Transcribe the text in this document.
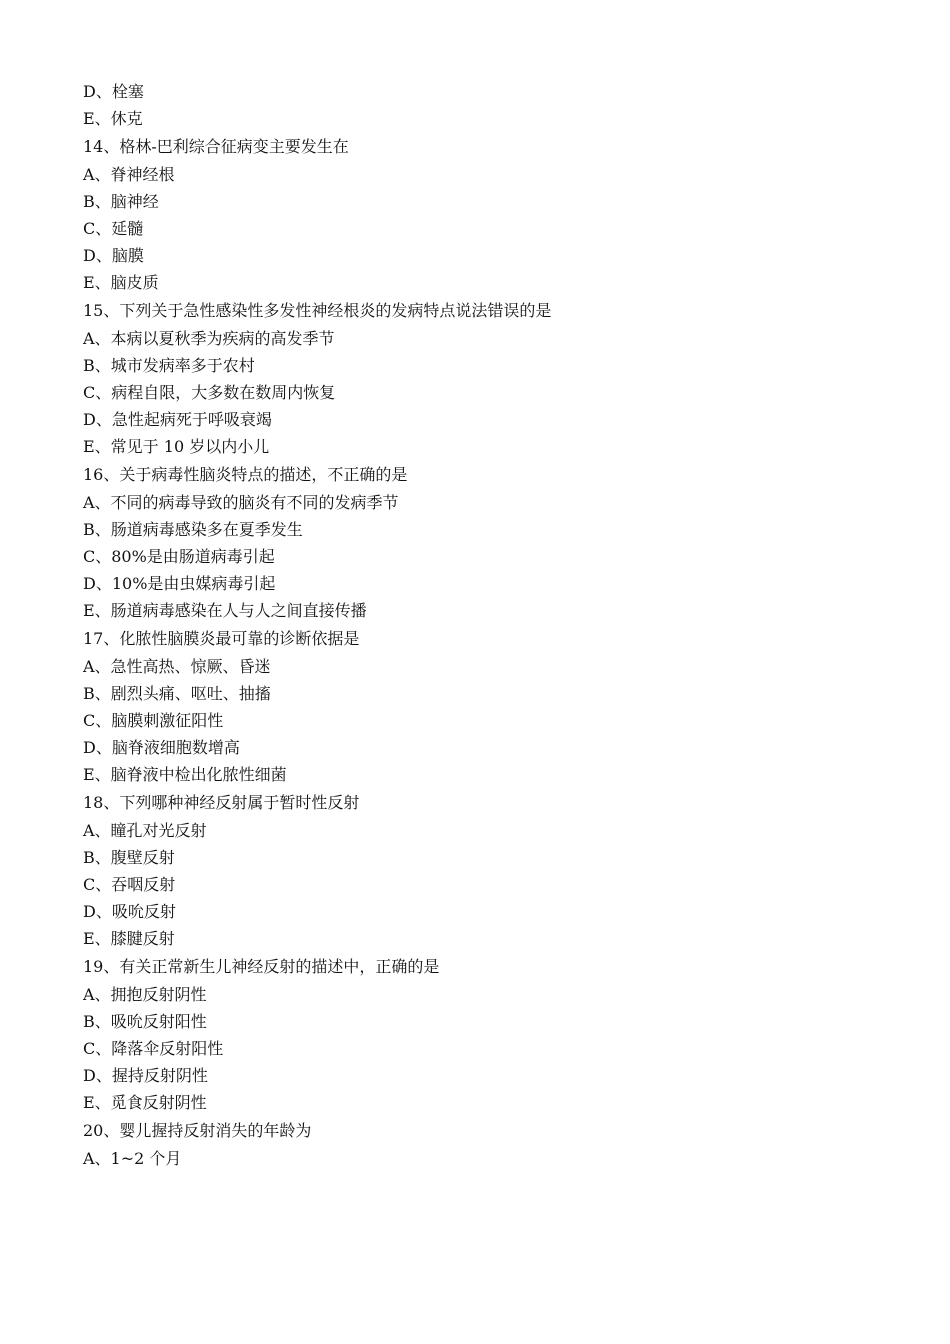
D、栓塞
E、休克
14、格林-巴利综合征病变主要发生在
A、脊神经根
B、脑神经
C、延髓
D、脑膜
E、脑皮质
15、下列关于急性感染性多发性神经根炎的发病特点说法错误的是
A、本病以夏秋季为疾病的高发季节
B、城市发病率多于农村
C、病程自限，大多数在数周内恢复
D、急性起病死于呼吸衰竭
E、常见于 10 岁以内小儿
16、关于病毒性脑炎特点的描述，不正确的是
A、不同的病毒导致的脑炎有不同的发病季节
B、肠道病毒感染多在夏季发生
C、80%是由肠道病毒引起
D、10%是由虫媒病毒引起
E、肠道病毒感染在人与人之间直接传播
17、化脓性脑膜炎最可靠的诊断依据是
A、急性高热、惊厥、昏迷
B、剧烈头痛、呕吐、抽搐
C、脑膜刺激征阳性
D、脑脊液细胞数增高
E、脑脊液中检出化脓性细菌
18、下列哪种神经反射属于暂时性反射
A、瞳孔对光反射
B、腹壁反射
C、吞咽反射
D、吸吮反射
E、膝腱反射
19、有关正常新生儿神经反射的描述中，正确的是
A、拥抱反射阴性
B、吸吮反射阳性
C、降落伞反射阳性
D、握持反射阴性
E、觅食反射阴性
20、婴儿握持反射消失的年龄为
A、1~2 个月
